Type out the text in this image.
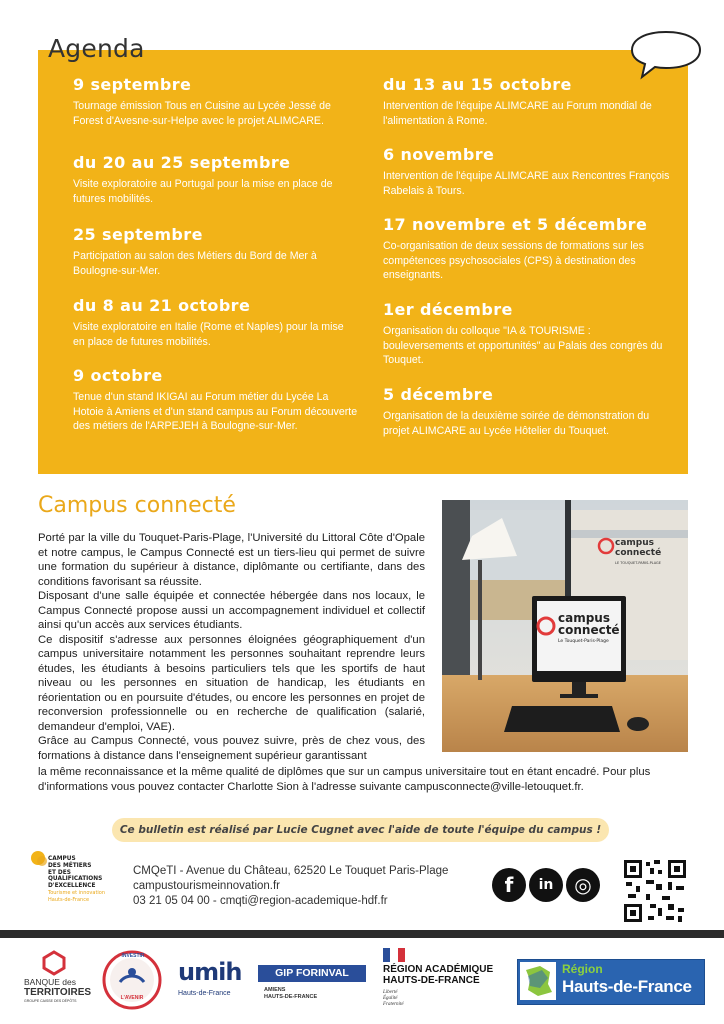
Agenda
9 septembre

Tournage émission Tous en Cuisine au Lycée Jessé de Forest d'Avesne-sur-Helpe avec le projet ALIMCARE.

du 20 au 25 septembre

Visite exploratoire au Portugal pour la mise en place de futures mobilités.

25 septembre

Participation au salon des Métiers du Bord de Mer à Boulogne-sur-Mer.

du 8 au 21 octobre

Visite exploratoire en Italie (Rome et Naples) pour la mise en place de futures mobilités.

9 octobre

Tenue d'un stand IKIGAI au Forum métier du Lycée La Hotoie à Amiens et d'un stand campus au Forum découverte des métiers de l'ARPEJEH à Boulogne-sur-Mer.

du 13 au 15 octobre

Intervention de l'équipe ALIMCARE au Forum mondial de l'alimentation à Rome.

6 novembre

Intervention de l'équipe ALIMCARE aux Rencontres François Rabelais à Tours.

17 novembre et 5 décembre

Co-organisation de deux sessions de formations sur les compétences psychosociales (CPS) à destination des enseignants.

1er décembre

Organisation du colloque "IA & TOURISME : bouleversements et opportunités" au Palais des congrès du Touquet.

5 décembre

Organisation de la deuxième soirée de démonstration du projet ALIMCARE au Lycée Hôtelier du Touquet.

Campus connecté

Porté par la ville du Touquet-Paris-Plage, l'Université du Littoral Côte d'Opale et notre campus, le Campus Connecté est un tiers-lieu qui permet de suivre une formation du supérieur à distance, diplômante ou certifiante, dans des conditions favorisant sa réussite.

Disposant d'une salle équipée et connectée hébergée dans nos locaux, le Campus Connecté propose aussi un accompagnement individuel et collectif ainsi qu'un accès aux services étudiants.

Ce dispositif s'adresse aux personnes éloignées géographiquement d'un campus universitaire notamment les personnes souhaitant reprendre leurs études, les étudiants à besoins particuliers tels que les sportifs de haut niveau ou les personnes en situation de handicap, les étudiants en réorientation ou en poursuite d'études, ou encore les personnes en projet de reconversion professionnelle ou en recherche de qualification (salarié, demandeur d'emploi, VAE).

Grâce au Campus Connecté, vous pouvez suivre, près de chez vous, des formations à distance dans l'enseignement supérieur garantissant

la même reconnaissance et la même qualité de diplômes que sur un campus universitaire tout en étant encadré. Pour plus d'informations vous pouvez contacter Charlotte Sion à l'adresse suivante campusconnecte@ville-letouquet.fr.

campus
connecté
LE TOUQUET-PARIS-PLAGE
campus
connecté
Le Touquet-Paris-Plage
Ce bulletin est réalisé par Lucie Cugnet avec l'aide de toute l'équipe du campus !
CAMPUS
DES MÉTIERS
ET DES
QUALIFICATIONS
D'EXCELLENCE
Tourisme et innovation
Hauts-de-France
CMQeTI - Avenue du Château, 62520 Le Touquet Paris-Plage
campustourismeinnovation.fr
03 21 05 04 00 - cmqti@region-academique-hdf.fr
f	in	◎
BANQUE des
TERRITOIRES
GROUPE CAISSE DES DÉPÔTS
INVESTIR
L'AVENIR
umih
Hauts-de-France
GIP FORINVAL
AMIENS
HAUTS-DE-FRANCE
RÉGION ACADÉMIQUE
HAUTS-DE-FRANCE
Liberté
Égalité
Fraternité
Région
Hauts-de-France
